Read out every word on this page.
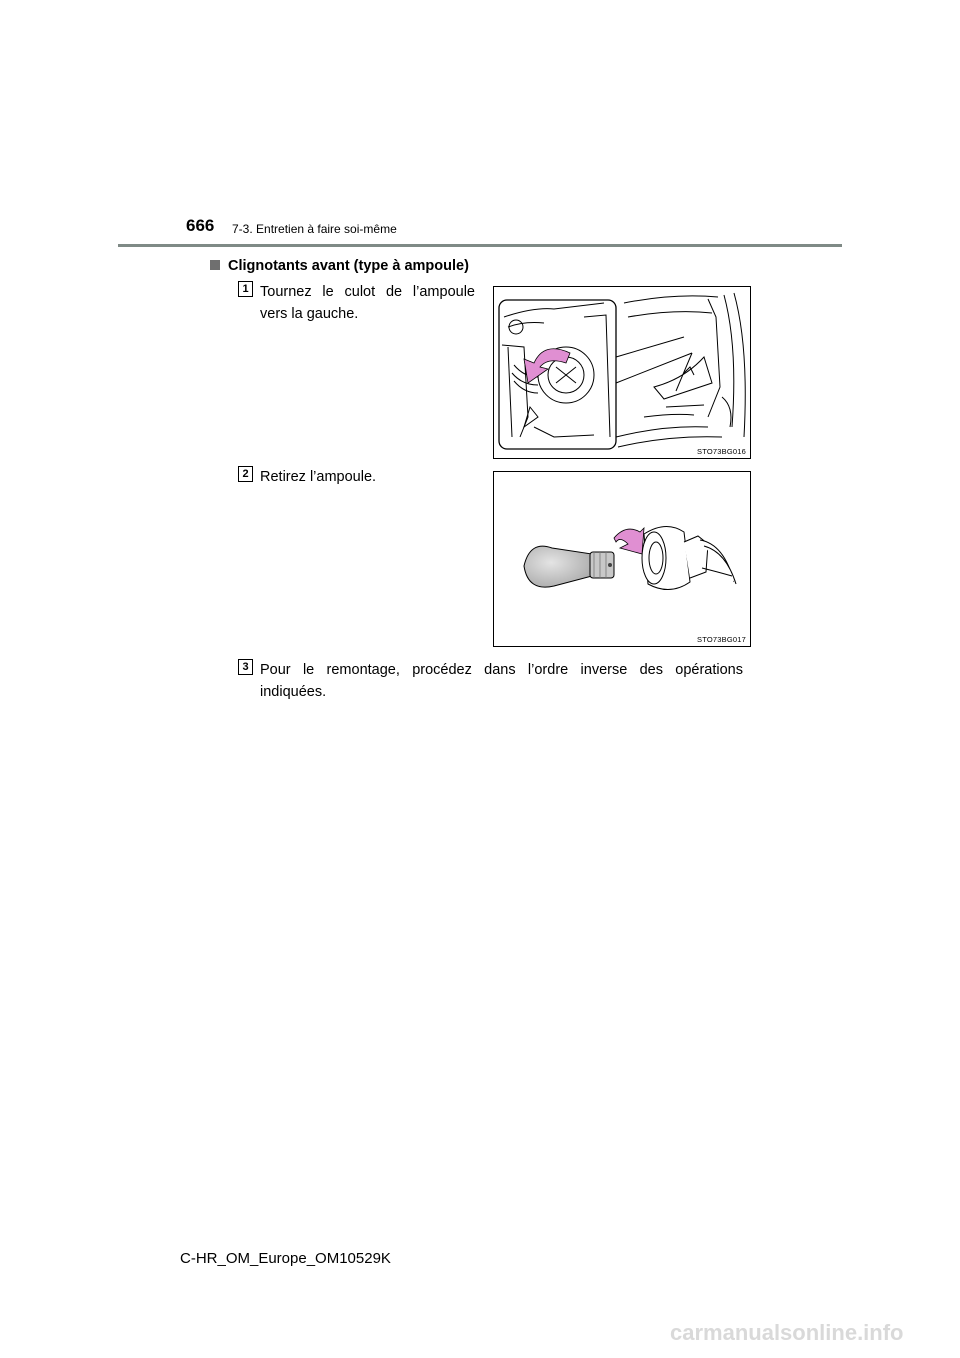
666 7-3. Entretien à faire soi-même
Clignotants avant (type à ampoule)
1 Tournez le culot de l’ampoule
vers la gauche.
STO73BG016
2 Retirez l’ampoule.
STO73BG017
3 Pour le remontage, procédez dans l’ordre inverse des opérations
indiquées.
C-HR_OM_Europe_OM10529K
carmanualsonline.info
